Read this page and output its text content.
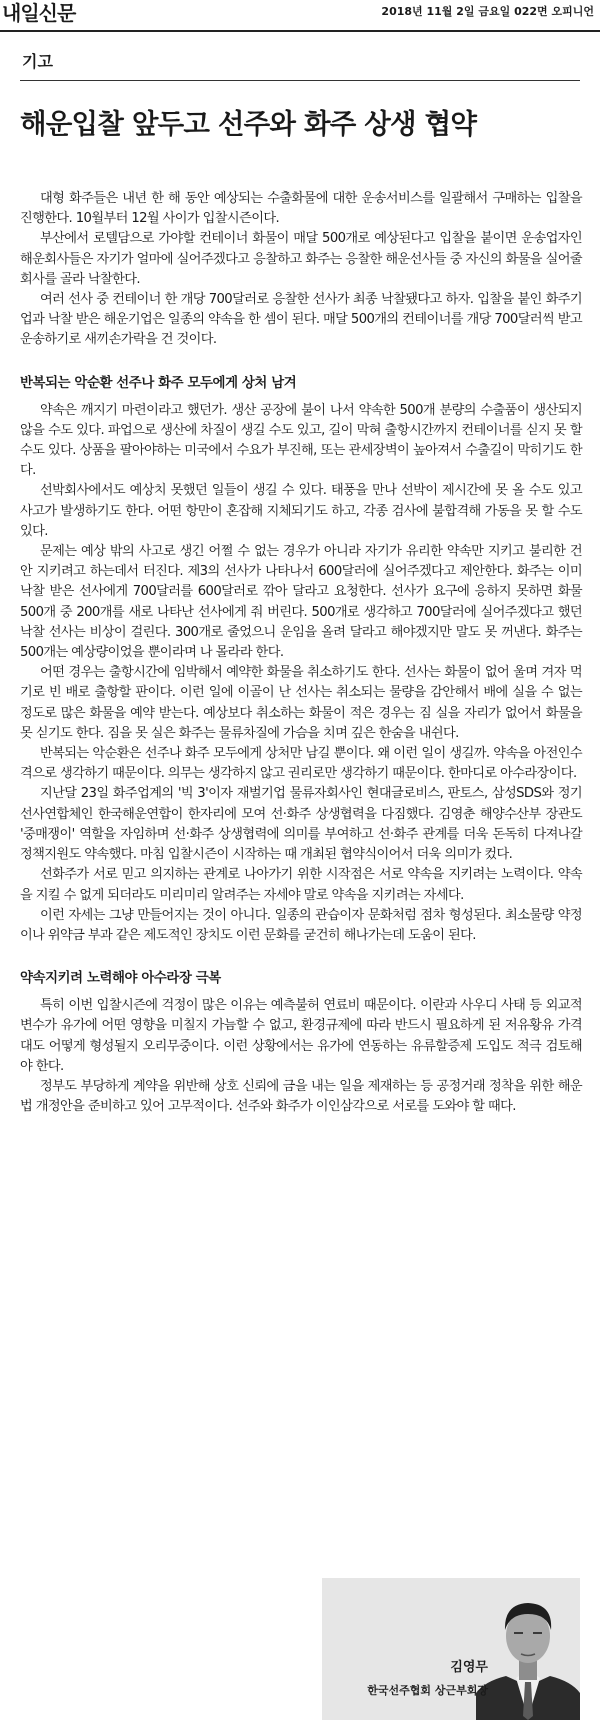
내일신문	2018년 11월 2일 금요일 022면 오피니언
기고
해운입찰 앞두고 선주와 화주 상생 협약

대형 화주들은 내년 한 해 동안 예상되는 수출화물에 대한 운송서비스를 일괄해서 구매하는 입찰을 진행한다. 10월부터 12월 사이가 입찰시즌이다.

부산에서 로텔담으로 가야할 컨테이너 화물이 매달 500개로 예상된다고 입찰을 붙이면 운송업자인 해운회사들은 자기가 얼마에 실어주겠다고 응찰하고 화주는 응찰한 해운선사들 중 자신의 화물을 실어줄 회사를 골라 낙찰한다.

여러 선사 중 컨테이너 한 개당 700달러로 응찰한 선사가 최종 낙찰됐다고 하자. 입찰을 붙인 화주기업과 낙찰 받은 해운기업은 일종의 약속을 한 셈이 된다. 매달 500개의 컨테이너를 개당 700달러씩 받고 운송하기로 새끼손가락을 건 것이다.

반복되는 악순환 선주나 화주 모두에게 상처 남겨

약속은 깨지기 마련이라고 했던가. 생산 공장에 불이 나서 약속한 500개 분량의 수출품이 생산되지 않을 수도 있다. 파업으로 생산에 차질이 생길 수도 있고, 길이 막혀 출항시간까지 컨테이너를 싣지 못 할 수도 있다. 상품을 팔아야하는 미국에서 수요가 부진해, 또는 관세장벽이 높아져서 수출길이 막히기도 한다.

선박회사에서도 예상치 못했던 일들이 생길 수 있다. 태풍을 만나 선박이 제시간에 못 올 수도 있고 사고가 발생하기도 한다. 어떤 항만이 혼잡해 지체되기도 하고, 각종 검사에 불합격해 가동을 못 할 수도 있다.

문제는 예상 밖의 사고로 생긴 어쩔 수 없는 경우가 아니라 자기가 유리한 약속만 지키고 불리한 건 안 지키려고 하는데서 터진다. 제3의 선사가 나타나서 600달러에 실어주겠다고 제안한다. 화주는 이미 낙찰 받은 선사에게 700달러를 600달러로 깎아 달라고 요청한다. 선사가 요구에 응하지 못하면 화물 500개 중 200개를 새로 나타난 선사에게 줘 버린다. 500개로 생각하고 700달러에 실어주겠다고 했던 낙찰 선사는 비상이 걸린다. 300개로 줄었으니 운임을 올려 달라고 해야겠지만 말도 못 꺼낸다. 화주는 500개는 예상량이었을 뿐이라며 나 몰라라 한다.

어떤 경우는 출항시간에 임박해서 예약한 화물을 취소하기도 한다. 선사는 화물이 없어 울며 겨자 먹기로 빈 배로 출항할 판이다. 이런 일에 이골이 난 선사는 취소되는 물량을 감안해서 배에 실을 수 없는 정도로 많은 화물을 예약 받는다. 예상보다 취소하는 화물이 적은 경우는 짐 실을 자리가 없어서 화물을 못 싣기도 한다. 짐을 못 실은 화주는 물류차질에 가슴을 치며 깊은 한숨을 내쉰다.

반복되는 악순환은 선주나 화주 모두에게 상처만 남길 뿐이다. 왜 이런 일이 생길까. 약속을 아전인수 격으로 생각하기 때문이다. 의무는 생각하지 않고 권리로만 생각하기 때문이다. 한마디로 아수라장이다.

지난달 23일 화주업계의 '빅 3'이자 재벌기업 물류자회사인 현대글로비스, 판토스, 삼성SDS와 정기선사연합체인 한국해운연합이 한자리에 모여 선·화주 상생협력을 다짐했다. 김영춘 해양수산부 장관도 '중매쟁이' 역할을 자임하며 선·화주 상생협력에 의미를 부여하고 선·화주 관계를 더욱 돈독히 다져나갈 정책지원도 약속했다. 마침 입찰시즌이 시작하는 때 개최된 협약식이어서 더욱 의미가 컸다.

선화주가 서로 믿고 의지하는 관계로 나아가기 위한 시작점은 서로 약속을 지키려는 노력이다. 약속을 지킬 수 없게 되더라도 미리미리 알려주는 자세야 말로 약속을 지키려는 자세다.

이런 자세는 그냥 만들어지는 것이 아니다. 일종의 관습이자 문화처럼 점차 형성된다. 최소물량 약정이나 위약금 부과 같은 제도적인 장치도 이런 문화를 굳건히 해나가는데 도움이 된다.

약속지키려 노력해야 아수라장 극복

특히 이번 입찰시즌에 걱정이 많은 이유는 예측불허 연료비 때문이다. 이란과 사우디 사태 등 외교적 변수가 유가에 어떤 영향을 미칠지 가늠할 수 없고, 환경규제에 따라 반드시 필요하게 된 저유황유 가격대도 어떻게 형성될지 오리무중이다. 이런 상황에서는 유가에 연동하는 유류할증제 도입도 적극 검토해야 한다.

정부도 부당하게 계약을 위반해 상호 신뢰에 금을 내는 일을 제재하는 등 공정거래 정착을 위한 해운법 개정안을 준비하고 있어 고무적이다. 선주와 화주가 이인삼각으로 서로를 도와야 할 때다.

김영무
한국선주협회 상근부회장
